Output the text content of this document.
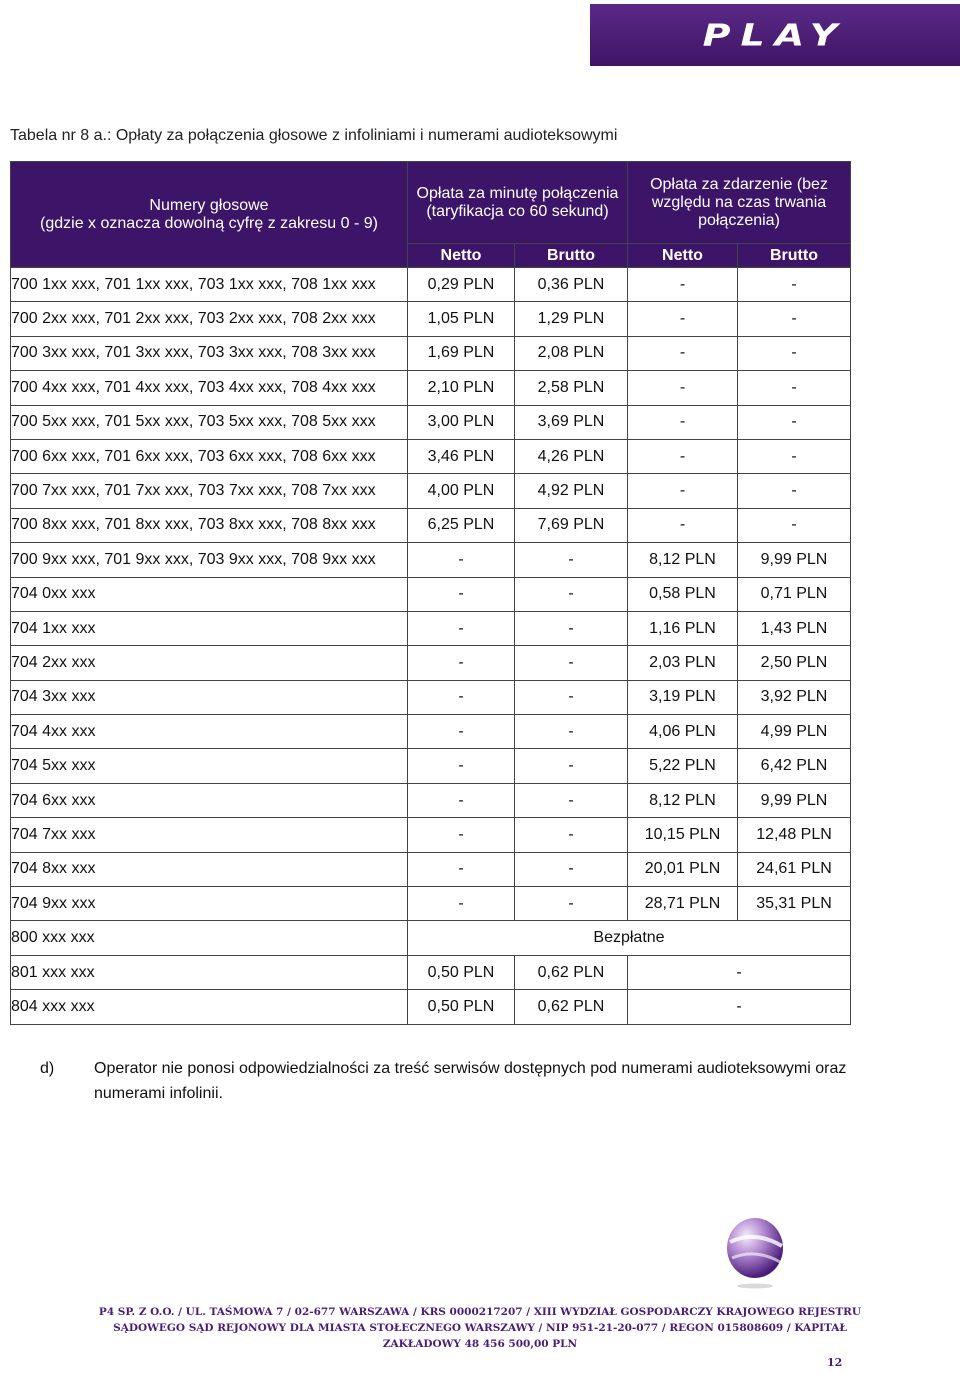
PLAY
Tabela nr 8 a.: Opłaty za połączenia głosowe z infoliniami i numerami audioteksowymi
Numery głosowe
(gdzie x oznacza dowolną cyfrę z zakresu 0 - 9)	Opłata za minutę połączenia (taryfikacja co 60 sekund)		Opłata za zdarzenie (bez względu na czas trwania połączenia)	
	Netto	Brutto	Netto	Brutto
700 1xx xxx, 701 1xx xxx, 703 1xx xxx, 708 1xx xxx	0,29 PLN	0,36 PLN	-	-
700 2xx xxx, 701 2xx xxx, 703 2xx xxx, 708 2xx xxx	1,05 PLN	1,29 PLN	-	-
700 3xx xxx, 701 3xx xxx, 703 3xx xxx, 708 3xx xxx	1,69 PLN	2,08 PLN	-	-
700 4xx xxx, 701 4xx xxx, 703 4xx xxx, 708 4xx xxx	2,10 PLN	2,58 PLN	-	-
700 5xx xxx, 701 5xx xxx, 703 5xx xxx, 708 5xx xxx	3,00 PLN	3,69 PLN	-	-
700 6xx xxx, 701 6xx xxx, 703 6xx xxx, 708 6xx xxx	3,46 PLN	4,26 PLN	-	-
700 7xx xxx, 701 7xx xxx, 703 7xx xxx, 708 7xx xxx	4,00 PLN	4,92 PLN	-	-
700 8xx xxx, 701 8xx xxx, 703 8xx xxx, 708 8xx xxx	6,25 PLN	7,69 PLN	-	-
700 9xx xxx, 701 9xx xxx, 703 9xx xxx, 708 9xx xxx	-	-	8,12 PLN	9,99 PLN
704 0xx xxx	-	-	0,58 PLN	0,71 PLN
704 1xx xxx	-	-	1,16 PLN	1,43 PLN
704 2xx xxx	-	-	2,03 PLN	2,50 PLN
704 3xx xxx	-	-	3,19 PLN	3,92 PLN
704 4xx xxx	-	-	4,06 PLN	4,99 PLN
704 5xx xxx	-	-	5,22 PLN	6,42 PLN
704 6xx xxx	-	-	8,12 PLN	9,99 PLN
704 7xx xxx	-	-	10,15 PLN	12,48 PLN
704 8xx xxx	-	-	20,01 PLN	24,61 PLN
704 9xx xxx	-	-	28,71 PLN	35,31 PLN
800 xxx xxx	Bezpłatne			
801 xxx xxx	0,50 PLN	0,62 PLN	-	
804 xxx xxx	0,50 PLN	0,62 PLN	-	
d)	Operator nie ponosi odpowiedzialności za treść serwisów dostępnych pod numerami audioteksowymi oraz numerami infolinii.
P4 SP. Z O.O. / UL. TAŚMOWA 7 / 02-677 WARSZAWA / KRS 0000217207 / XIII WYDZIAŁ GOSPODARCZY KRAJOWEGO REJESTRU
SĄDOWEGO SĄD REJONOWY DLA MIASTA STOŁECZNEGO WARSZAWY / NIP 951-21-20-077 / REGON 015808609 / KAPITAŁ
ZAKŁADOWY 48 456 500,00 PLN
12
